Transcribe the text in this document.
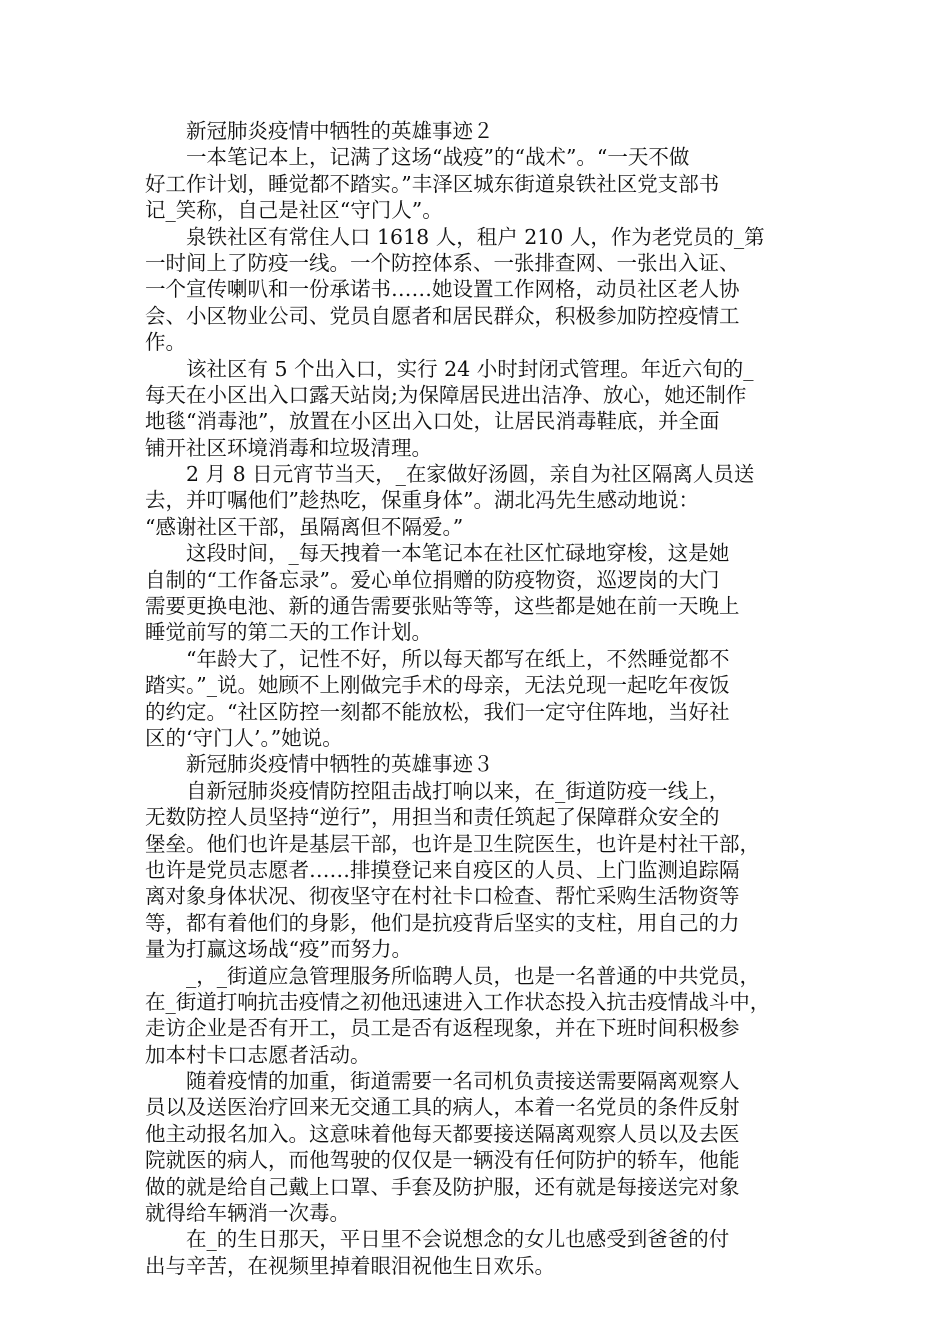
　　新冠肺炎疫情中牺牲的英雄事迹２
　　一本笔记本上，记满了这场“战疫”的“战术”。“一天不做
好工作计划，睡觉都不踏实。”丰泽区城东街道泉铁社区党支部书
记_笑称，自己是社区“守门人”。
　　泉铁社区有常住人口 1618 人，租户 210 人，作为老党员的_第
一时间上了防疫一线。一个防控体系、一张排查网、一张出入证、
一个宣传喇叭和一份承诺书……她设置工作网格，动员社区老人协
会、小区物业公司、党员自愿者和居民群众，积极参加防控疫情工
作。
　　该社区有 5 个出入口，实行 24 小时封闭式管理。年近六旬的_
每天在小区出入口露天站岗;为保障居民进出洁净、放心，她还制作
地毯“消毒池”，放置在小区出入口处，让居民消毒鞋底，并全面
铺开社区环境消毒和垃圾清理。
　　2 月 8 日元宵节当天，_在家做好汤圆，亲自为社区隔离人员送
去，并叮嘱他们”趁热吃，保重身体”。湖北冯先生感动地说：
“感谢社区干部，虽隔离但不隔爱。”
　　这段时间，_每天拽着一本笔记本在社区忙碌地穿梭，这是她
自制的“工作备忘录”。爱心单位捐赠的防疫物资，巡逻岗的大门
需要更换电池、新的通告需要张贴等等，这些都是她在前一天晚上
睡觉前写的第二天的工作计划。
　　“年龄大了，记性不好，所以每天都写在纸上，不然睡觉都不
踏实。”_说。她顾不上刚做完手术的母亲，无法兑现一起吃年夜饭
的约定。“社区防控一刻都不能放松，我们一定守住阵地，当好社
区的‘守门人’。”她说。
　　新冠肺炎疫情中牺牲的英雄事迹３
　　自新冠肺炎疫情防控阻击战打响以来，在_街道防疫一线上，
无数防控人员坚持“逆行”，用担当和责任筑起了保障群众安全的
堡垒。他们也许是基层干部，也许是卫生院医生，也许是村社干部，
也许是党员志愿者……排摸登记来自疫区的人员、上门监测追踪隔
离对象身体状况、彻夜坚守在村社卡口检查、帮忙采购生活物资等
等，都有着他们的身影，他们是抗疫背后坚实的支柱，用自己的力
量为打赢这场战“疫”而努力。
　　_，_街道应急管理服务所临聘人员，也是一名普通的中共党员，
在_街道打响抗击疫情之初他迅速进入工作状态投入抗击疫情战斗中，
走访企业是否有开工，员工是否有返程现象，并在下班时间积极参
加本村卡口志愿者活动。
　　随着疫情的加重，街道需要一名司机负责接送需要隔离观察人
员以及送医治疗回来无交通工具的病人，本着一名党员的条件反射
他主动报名加入。这意味着他每天都要接送隔离观察人员以及去医
院就医的病人，而他驾驶的仅仅是一辆没有任何防护的轿车，他能
做的就是给自己戴上口罩、手套及防护服，还有就是每接送完对象
就得给车辆消一次毒。
　　在_的生日那天，平日里不会说想念的女儿也感受到爸爸的付
出与辛苦，在视频里掉着眼泪祝他生日欢乐。
